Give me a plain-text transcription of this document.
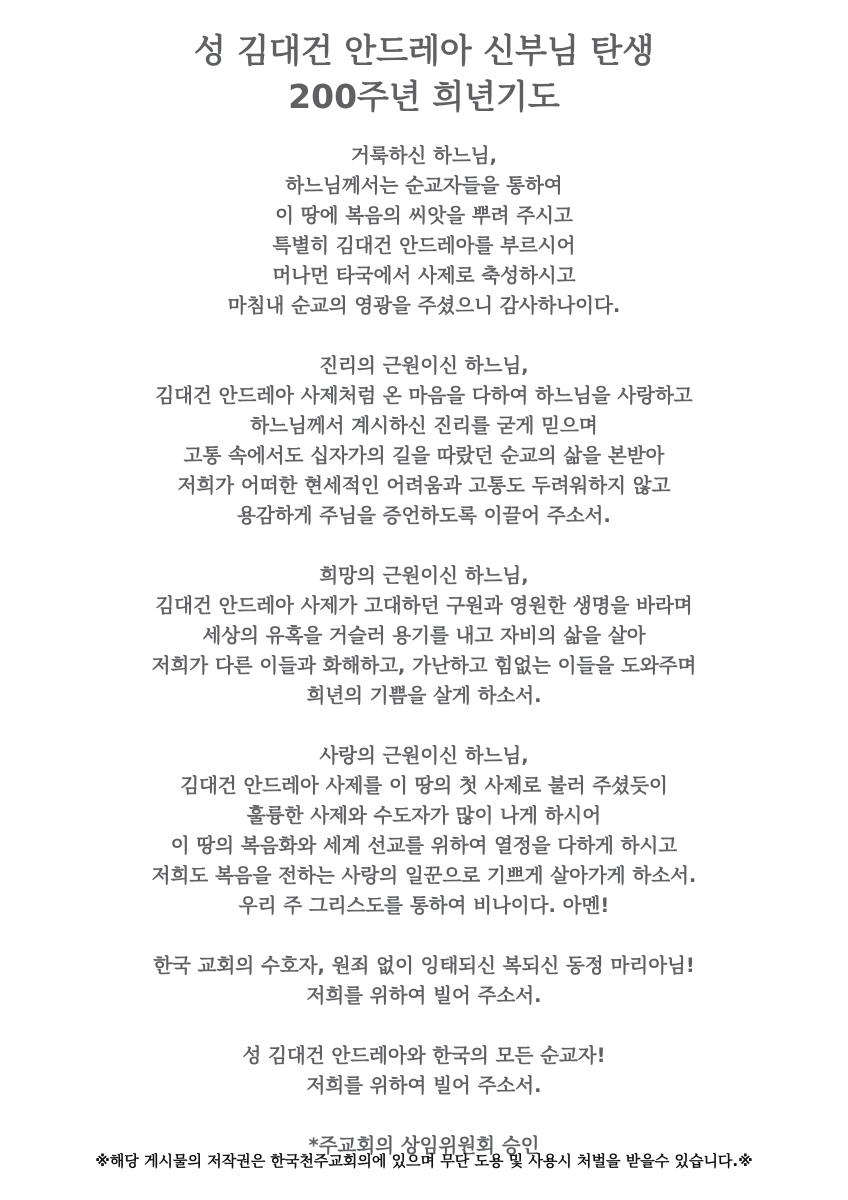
성 김대건 안드레아 신부님 탄생
200주년 희년기도
거룩하신 하느님,
하느님께서는 순교자들을 통하여
이 땅에 복음의 씨앗을 뿌려 주시고
특별히 김대건 안드레아를 부르시어
머나먼 타국에서 사제로 축성하시고
마침내 순교의 영광을 주셨으니 감사하나이다.
진리의 근원이신 하느님,
김대건 안드레아 사제처럼 온 마음을 다하여 하느님을 사랑하고
하느님께서 계시하신 진리를 굳게 믿으며
고통 속에서도 십자가의 길을 따랐던 순교의 삶을 본받아
저희가 어떠한 현세적인 어려움과 고통도 두려워하지 않고
용감하게 주님을 증언하도록 이끌어 주소서.
희망의 근원이신 하느님,
김대건 안드레아 사제가 고대하던 구원과 영원한 생명을 바라며
세상의 유혹을 거슬러 용기를 내고 자비의 삶을 살아
저희가 다른 이들과 화해하고, 가난하고 힘없는 이들을 도와주며
희년의 기쁨을 살게 하소서.
사랑의 근원이신 하느님,
김대건 안드레아 사제를 이 땅의 첫 사제로 불러 주셨듯이
훌륭한 사제와 수도자가 많이 나게 하시어
이 땅의 복음화와 세계 선교를 위하여 열정을 다하게 하시고
저희도 복음을 전하는 사랑의 일꾼으로 기쁘게 살아가게 하소서.
우리 주 그리스도를 통하여 비나이다. 아멘!
한국 교회의 수호자, 원죄 없이 잉태되신 복되신 동정 마리아님!
저희를 위하여 빌어 주소서.
성 김대건 안드레아와 한국의 모든 순교자!
저희를 위하여 빌어 주소서.
*주교회의 상임위원회 승인
※해당 게시물의 저작권은 한국천주교회의에 있으며 무단 도용 및 사용시 처벌을 받을수 있습니다.※
